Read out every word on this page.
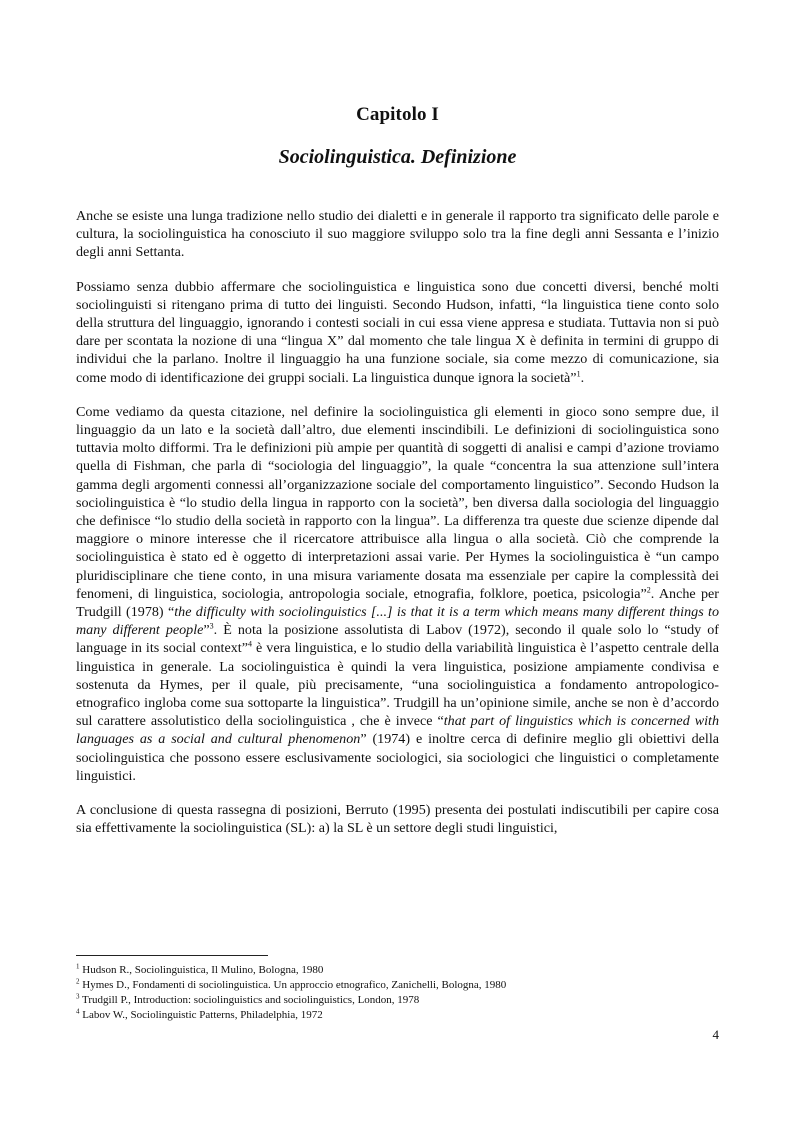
Capitolo I
Sociolinguistica. Definizione

Anche se esiste una lunga tradizione nello studio dei dialetti e in generale il rapporto tra significato delle parole e cultura, la sociolinguistica ha conosciuto il suo maggiore sviluppo solo tra la fine degli anni Sessanta e l’inizio degli anni Settanta.

Possiamo senza dubbio affermare che sociolinguistica e linguistica sono due concetti diversi, benché molti sociolinguisti si ritengano prima di tutto dei linguisti. Secondo Hudson, infatti, “la linguistica tiene conto solo della struttura del linguaggio, ignorando i contesti sociali in cui essa viene appresa e studiata. Tuttavia non si può dare per scontata la nozione di una “lingua X” dal momento che tale lingua X è definita in termini di gruppo di individui che la parlano. Inoltre il linguaggio ha una funzione sociale, sia come mezzo di comunicazione, sia come modo di identificazione dei gruppi sociali. La linguistica dunque ignora la società”$^1$.

Come vediamo da questa citazione, nel definire la sociolinguistica gli elementi in gioco sono sempre due, il linguaggio da un lato e la società dall’altro, due elementi inscindibili. Le definizioni di sociolinguistica sono tuttavia molto difformi. Tra le definizioni più ampie per quantità di soggetti di analisi e campi d’azione troviamo quella di Fishman, che parla di “sociologia del linguaggio”, la quale “concentra la sua attenzione sull’intera gamma degli argomenti connessi all’organizzazione sociale del comportamento linguistico”. Secondo Hudson la sociolinguistica è “lo studio della lingua in rapporto con la società”, ben diversa dalla sociologia del linguaggio che definisce “lo studio della società in rapporto con la lingua”. La differenza tra queste due scienze dipende dal maggiore o minore interesse che il ricercatore attribuisce alla lingua o alla società. Ciò che comprende la sociolinguistica è stato ed è oggetto di interpretazioni assai varie. Per Hymes la sociolinguistica è “un campo pluridisciplinare che tiene conto, in una misura variamente dosata ma essenziale per capire la complessità dei fenomeni, di linguistica, sociologia, antropologia sociale, etnografia, folklore, poetica, psicologia”$^2$. Anche per Trudgill (1978) “the difficulty with sociolinguistics [...] is that it is a term which means many different things to many different people”$^3$. È nota la posizione assolutista di Labov (1972), secondo il quale solo lo “study of language in its social context”$^4$ è vera linguistica, e lo studio della variabilità linguistica è l’aspetto centrale della linguistica in generale. La sociolinguistica è quindi la vera linguistica, posizione ampiamente condivisa e sostenuta da Hymes, per il quale, più precisamente, “una sociolinguistica a fondamento antropologico-etnografico ingloba come sua sottoparte la linguistica”. Trudgill ha un’opinione simile, anche se non è d’accordo sul carattere assolutistico della sociolinguistica , che è invece “that part of linguistics which is concerned with languages as a social and cultural phenomenon” (1974) e inoltre cerca di definire meglio gli obiettivi della sociolinguistica che possono essere esclusivamente sociologici, sia sociologici che linguistici o completamente linguistici.

A conclusione di questa rassegna di posizioni, Berruto (1995) presenta dei postulati indiscutibili per capire cosa sia effettivamente la sociolinguistica (SL): a) la SL è un settore degli studi linguistici,

$^1$ Hudson R., Sociolinguistica, Il Mulino, Bologna, 1980
$^2$ Hymes D., Fondamenti di sociolinguistica. Un approccio etnografico, Zanichelli, Bologna, 1980
$^3$ Trudgill P., Introduction: sociolinguistics and sociolinguistics, London, 1978
$^4$ Labov W., Sociolinguistic Patterns, Philadelphia, 1972
4
